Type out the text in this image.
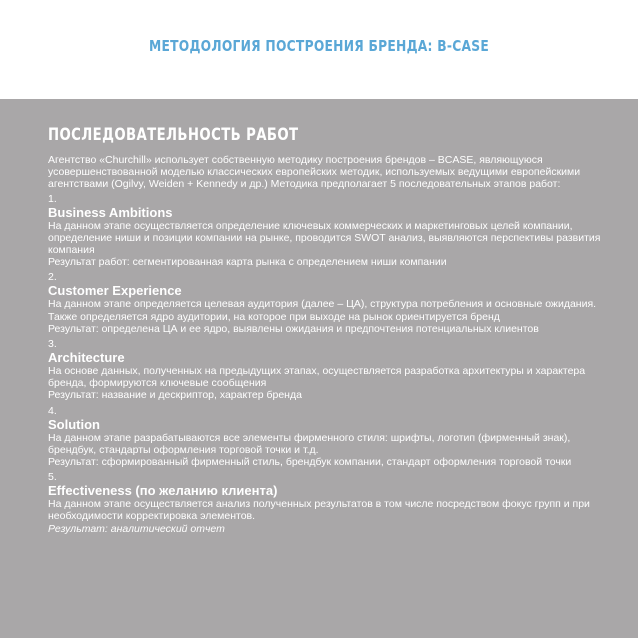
МЕТОДОЛОГИЯ ПОСТРОЕНИЯ БРЕНДА: B-CASE
ПОСЛЕДОВАТЕЛЬНОСТЬ РАБОТ
Агентство «Churchill» использует собственную методику построения брендов – BCASE, являющуюся усовершенствованной моделью классических европейских методик, используемых ведущими европейскими агентствами (Ogilvy, Weiden + Kennedy и др.) Методика предполагает 5 последовательных этапов работ:
1.
Business Ambitions
На данном этапе осуществляется определение ключевых коммерческих и маркетинговых целей компании, определение ниши и позиции компании на рынке, проводится SWOT анализ, выявляются перспективы развития компания
Результат работ: сегментированная карта рынка с определением ниши компании
2.
Customer Experience
На данном этапе определяется целевая аудитория (далее – ЦА), структура потребления и основные ожидания. Также определяется ядро аудитории, на которое при выходе на рынок ориентируется бренд
Результат: определена ЦА и ее ядро, выявлены ожидания и предпочтения потенциальных клиентов
3.
Architecture
На основе данных, полученных на предыдущих этапах, осуществляется разработка архитектуры и характера бренда, формируются ключевые сообщения
Результат: название и дескриптор, характер бренда
4.
Solution
На данном этапе разрабатываются все элементы фирменного стиля: шрифты, логотип (фирменный знак), брендбук, стандарты оформления торговой точки и т.д.
Результат: сформированный фирменный стиль, брендбук компании, стандарт оформления торговой точки
5.
Effectiveness (по желанию клиента)
На данном этапе осуществляется анализ полученных результатов в том числе посредством фокус групп и при необходимости корректировка элементов.
Результат: аналитический отчет
